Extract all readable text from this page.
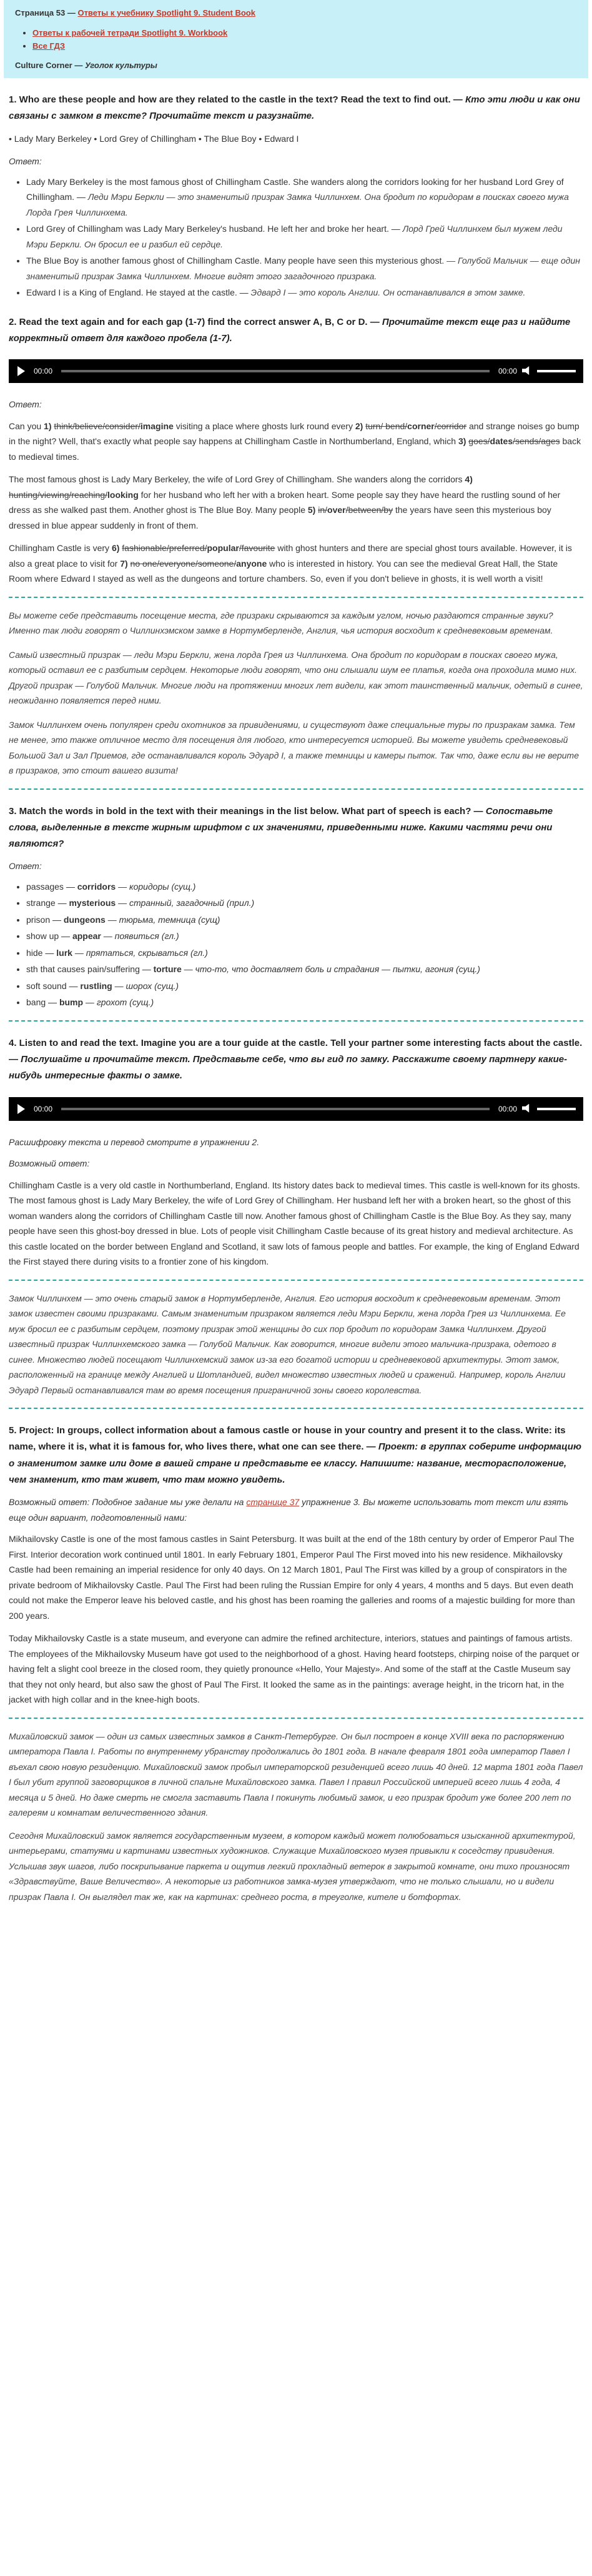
Страница 53 — Ответы к учебнику Spotlight 9. Student Book
• Ответы к рабочей тетради Spotlight 9. Workbook
• Все ГДЗ
Culture Corner — Уголок культуры
1. Who are these people and how are they related to the castle in the text? Read the text to find out. — Кто эти люди и как они связаны с замком в тексте? Прочитайте текст и разузнайте.

• Lady Mary Berkeley • Lord Grey of Chillingham • The Blue Boy • Edward I

Ответ:

• Lady Mary Berkeley is the most famous ghost of Chillingham Castle. She wanders along the corridors looking for her husband Lord Grey of Chillingham. — Леди Мэри Беркли — это знаменитый призрак Замка Чиллинхем. Она бродит по коридорам в поисках своего мужа Лорда Грея Чиллинхема.
• Lord Grey of Chillingham was Lady Mary Berkeley's husband. He left her and broke her heart. — Лорд Грей Чиллинхем был мужем леди Мэри Беркли. Он бросил ее и разбил ей сердце.
• The Blue Boy is another famous ghost of Chillingham Castle. Many people have seen this mysterious ghost. — Голубой Мальчик — еще один знаменитый призрак Замка Чиллинхем. Многие видят этого загадочного призрака.
• Edward I is a King of England. He stayed at the castle. — Эдвард I — это король Англии. Он останавливался в этом замке.
2. Read the text again and for each gap (1-7) find the correct answer A, B, C or D. — Прочитайте текст еще раз и найдите корректный ответ для каждого пробела (1-7).
00:00	00:00

Ответ:

Can you 1) think/believe/consider/imagine visiting a place where ghosts lurk round every 2) turn/ bend/corner/corridor and strange noises go bump in the night? Well, that's exactly what people say happens at Chillingham Castle in Northumberland, England, which 3) goes/dates/sends/ages back to medieval times.

The most famous ghost is Lady Mary Berkeley, the wife of Lord Grey of Chillingham. She wanders along the corridors 4) hunting/viewing/reaching/looking for her husband who left her with a broken heart. Some people say they have heard the rustling sound of her dress as she walked past them. Another ghost is The Blue Boy. Many people 5) in/over/between/by the years have seen this mysterious boy dressed in blue appear suddenly in front of them.

Chillingham Castle is very 6) fashionable/preferred/popular/favourite with ghost hunters and there are special ghost tours available. However, it is also a great place to visit for 7) no one/everyone/someone/anyone who is interested in history. You can see the medieval Great Hall, the State Room where Edward I stayed as well as the dungeons and torture chambers. So, even if you don't believe in ghosts, it is well worth a visit!

Вы можете себе представить посещение места, где призраки скрываются за каждым углом, ночью раздаются странные звуки? Именно так люди говорят о Чиллинхэмском замке в Нортумберленде, Англия, чья история восходит к средневековым временам.

Самый известный призрак — леди Мэри Беркли, жена лорда Грея из Чиллинхема. Она бродит по коридорам в поисках своего мужа, который оставил ее с разбитым сердцем. Некоторые люди говорят, что они слышали шум ее платья, когда она проходила мимо них. Другой призрак — Голубой Мальчик. Многие люди на протяжении многих лет видели, как этот таинственный мальчик, одетый в синее, неожиданно появляется перед ними.

Замок Чиллинхем очень популярен среди охотников за привидениями, и существуют даже специальные туры по призракам замка. Тем не менее, это также отличное место для посещения для любого, кто интересуется историей. Вы можете увидеть средневековый Большой Зал и Зал Приемов, где останавливался король Эдуард I, а также темницы и камеры пыток. Так что, даже если вы не верите в призраков, это стоит вашего визита!

3. Match the words in bold in the text with their meanings in the list below. What part of speech is each? — Сопоставьте слова, выделенные в тексте жирным шрифтом с их значениями, приведенными ниже. Какими частями речи они являются?

Ответ:

• passages — corridors — коридоры (сущ.)
• strange — mysterious — странный, загадочный (прил.)
• prison — dungeons — тюрьма, темница (сущ)
• show up — appear — появиться (гл.)
• hide — lurk — прятаться, скрываться (гл.)
• sth that causes pain/suffering — torture — что-то, что доставляет боль и страдания — пытки, агония (сущ.)
• soft sound — rustling — шорох (сущ.)
• bang — bump — грохот (сущ.)
4. Listen to and read the text. Imagine you are a tour guide at the castle. Tell your partner some interesting facts about the castle. — Послушайте и прочитайте текст. Представьте себе, что вы гид по замку. Расскажите своему партнеру какие-нибудь интересные факты о замке.
00:00	00:00

Расшифровку текста и перевод смотрите в упражнении 2.

Возможный ответ:

Chillingham Castle is a very old castle in Northumberland, England. Its history dates back to medieval times. This castle is well-known for its ghosts. The most famous ghost is Lady Mary Berkeley, the wife of Lord Grey of Chillingham. Her husband left her with a broken heart, so the ghost of this woman wanders along the corridors of Chillingham Castle till now. Another famous ghost of Chillingham Castle is the Blue Boy. As they say, many people have seen this ghost-boy dressed in blue. Lots of people visit Chillingham Castle because of its great history and medieval architecture. As this castle located on the border between England and Scotland, it saw lots of famous people and battles. For example, the king of England Edward the First stayed there during visits to a frontier zone of his kingdom.

Замок Чиллинхем — это очень старый замок в Нортумберленде, Англия. Его история восходит к средневековым временам. Этот замок известен своими призраками. Самым знаменитым призраком является леди Мэри Беркли, жена лорда Грея из Чиллинхема. Ее муж бросил ее с разбитым сердцем, поэтому призрак этой женщины до сих пор бродит по коридорам Замка Чиллинхем. Другой известный призрак Чиллинхемского замка — Голубой Мальчик. Как говорится, многие видели этого мальчика-призрака, одетого в синее. Множество людей посещают Чиллинхемский замок из-за его богатой истории и средневековой архитектуры. Этот замок, расположенный на границе между Англией и Шотландией, видел множество известных людей и сражений. Например, король Англии Эдуард Первый останавливался там во время посещения приграничной зоны своего королевства.

5. Project: In groups, collect information about a famous castle or house in your country and present it to the class. Write: its name, where it is, what it is famous for, who lives there, what one can see there. — Проект: в группах соберите информацию о знаменитом замке или доме в вашей стране и представьте ее классу. Напишите: название, месторасположение, чем знаменит, кто там живет, что там можно увидеть.

Возможный ответ: Подобное задание мы уже делали на странице 37 упражнение 3. Вы можете использовать тот текст или взять еще один вариант, подготовленный нами:

Mikhailovsky Castle is one of the most famous castles in Saint Petersburg. It was built at the end of the 18th century by order of Emperor Paul The First. Interior decoration work continued until 1801. In early February 1801, Emperor Paul The First moved into his new residence. Mikhailovsky Castle had been remaining an imperial residence for only 40 days. On 12 March 1801, Paul The First was killed by a group of conspirators in the private bedroom of Mikhailovsky Castle. Paul The First had been ruling the Russian Empire for only 4 years, 4 months and 5 days. But even death could not make the Emperor leave his beloved castle, and his ghost has been roaming the galleries and rooms of a majestic building for more than 200 years.

Today Mikhailovsky Castle is a state museum, and everyone can admire the refined architecture, interiors, statues and paintings of famous artists. The employees of the Mikhailovsky Museum have got used to the neighborhood of a ghost. Having heard footsteps, chirping noise of the parquet or having felt a slight cool breeze in the closed room, they quietly pronounce «Hello, Your Majesty». And some of the staff at the Castle Museum say that they not only heard, but also saw the ghost of Paul The First. It looked the same as in the paintings: average height, in the tricorn hat, in the jacket with high collar and in the knee-high boots.

Михайловский замок — один из самых известных замков в Санкт-Петербурге. Он был построен в конце XVIII века по распоряжению императора Павла I. Работы по внутреннему убранству продолжались до 1801 года. В начале февраля 1801 года император Павел I въехал свою новую резиденцию. Михайловский замок пробыл императорской резиденцией всего лишь 40 дней. 12 марта 1801 года Павел I был убит группой заговорщиков в личной спальне Михайловского замка. Павел I правил Российской империей всего лишь 4 года, 4 месяца и 5 дней. Но даже смерть не смогла заставить Павла I покинуть любимый замок, и его призрак бродит уже более 200 лет по галереям и комнатам величественного здания.

Сегодня Михайловский замок является государственным музеем, в котором каждый может полюбоваться изысканной архитектурой, интерьерами, статуями и картинами известных художников. Служащие Михайловского музея привыкли к соседству привидения. Услышав звук шагов, либо поскрипывание паркета и ощутив легкий прохладный ветерок в закрытой комнате, они тихо произносят «Здравствуйте, Ваше Величество». А некоторые из работников замка-музея утверждают, что не только слышали, но и видели призрак Павла I. Он выглядел так же, как на картинах: среднего роста, в треуголке, кителе и ботфортах.
